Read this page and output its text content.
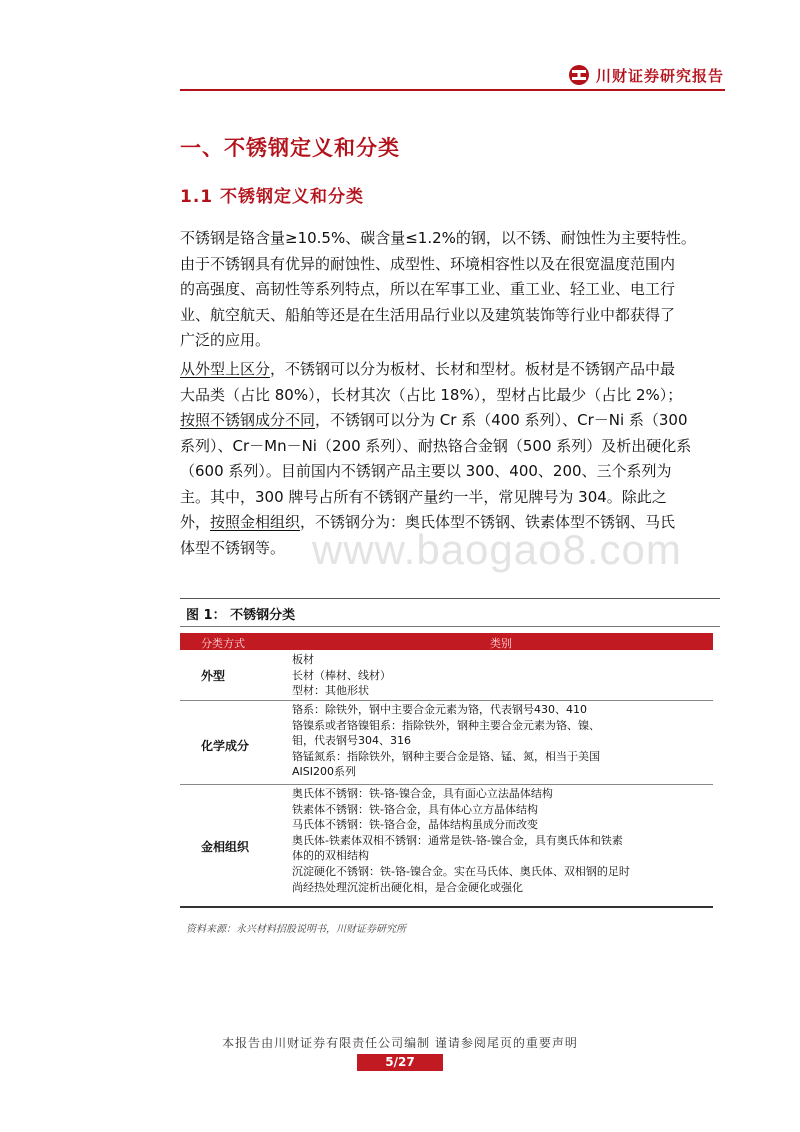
川财证券研究报告
一、不锈钢定义和分类
1.1 不锈钢定义和分类

不锈钢是铬含量≥10.5%、碳含量≤1.2%的钢，以不锈、耐蚀性为主要特性。
由于不锈钢具有优异的耐蚀性、成型性、环境相容性以及在很宽温度范围内
的高强度、高韧性等系列特点，所以在军事工业、重工业、轻工业、电工行
业、航空航天、船舶等还是在生活用品行业以及建筑装饰等行业中都获得了
广泛的应用。

从外型上区分，不锈钢可以分为板材、长材和型材。板材是不锈钢产品中最
大品类（占比 80%），长材其次（占比 18%），型材占比最少（占比 2%）；
按照不锈钢成分不同，不锈钢可以分为 Cr 系（400 系列）、Cr－Ni 系（300
系列）、Cr－Mn－Ni（200 系列）、耐热铬合金钢（500 系列）及析出硬化系
（600 系列）。目前国内不锈钢产品主要以 300、400、200、三个系列为
主。其中，300 牌号占所有不锈钢产量约一半，常见牌号为 304。除此之
外，按照金相组织，不锈钢分为：奥氏体型不锈钢、铁素体型不锈钢、马氏
体型不锈钢等。 www.baogao8.com
图 1： 不锈钢分类
分类方式	类别
外型
板材
长材（棒材、线材）
型材：其他形状
化学成分
铬系：除铁外，钢中主要合金元素为铬，代表钢号430、410
铬镍系或者铬镍钼系：指除铁外，钢种主要合金元素为铬、镍、
钼，代表钢号304、316
铬锰氮系：指除铁外，钢种主要合金是铬、锰、氮，相当于美国
AISI200系列
金相组织
奥氏体不锈钢：铁-铬-镍合金，具有面心立法晶体结构
铁素体不锈钢：铁-铬合金，具有体心立方晶体结构
马氏体不锈钢：铁-铬合金，晶体结构虽成分而改变
奥氏体-铁素体双相不锈钢：通常是铁-铬-镍合金，具有奥氏体和铁素
体的的双相结构
沉淀硬化不锈钢：铁-铬-镍合金。实在马氏体、奥氏体、双相钢的足时
尚经热处理沉淀析出硬化相，是合金硬化或强化
资料来源：永兴材料招股说明书，川财证券研究所
本报告由川财证券有限责任公司编制 谨请参阅尾页的重要声明
5/27
